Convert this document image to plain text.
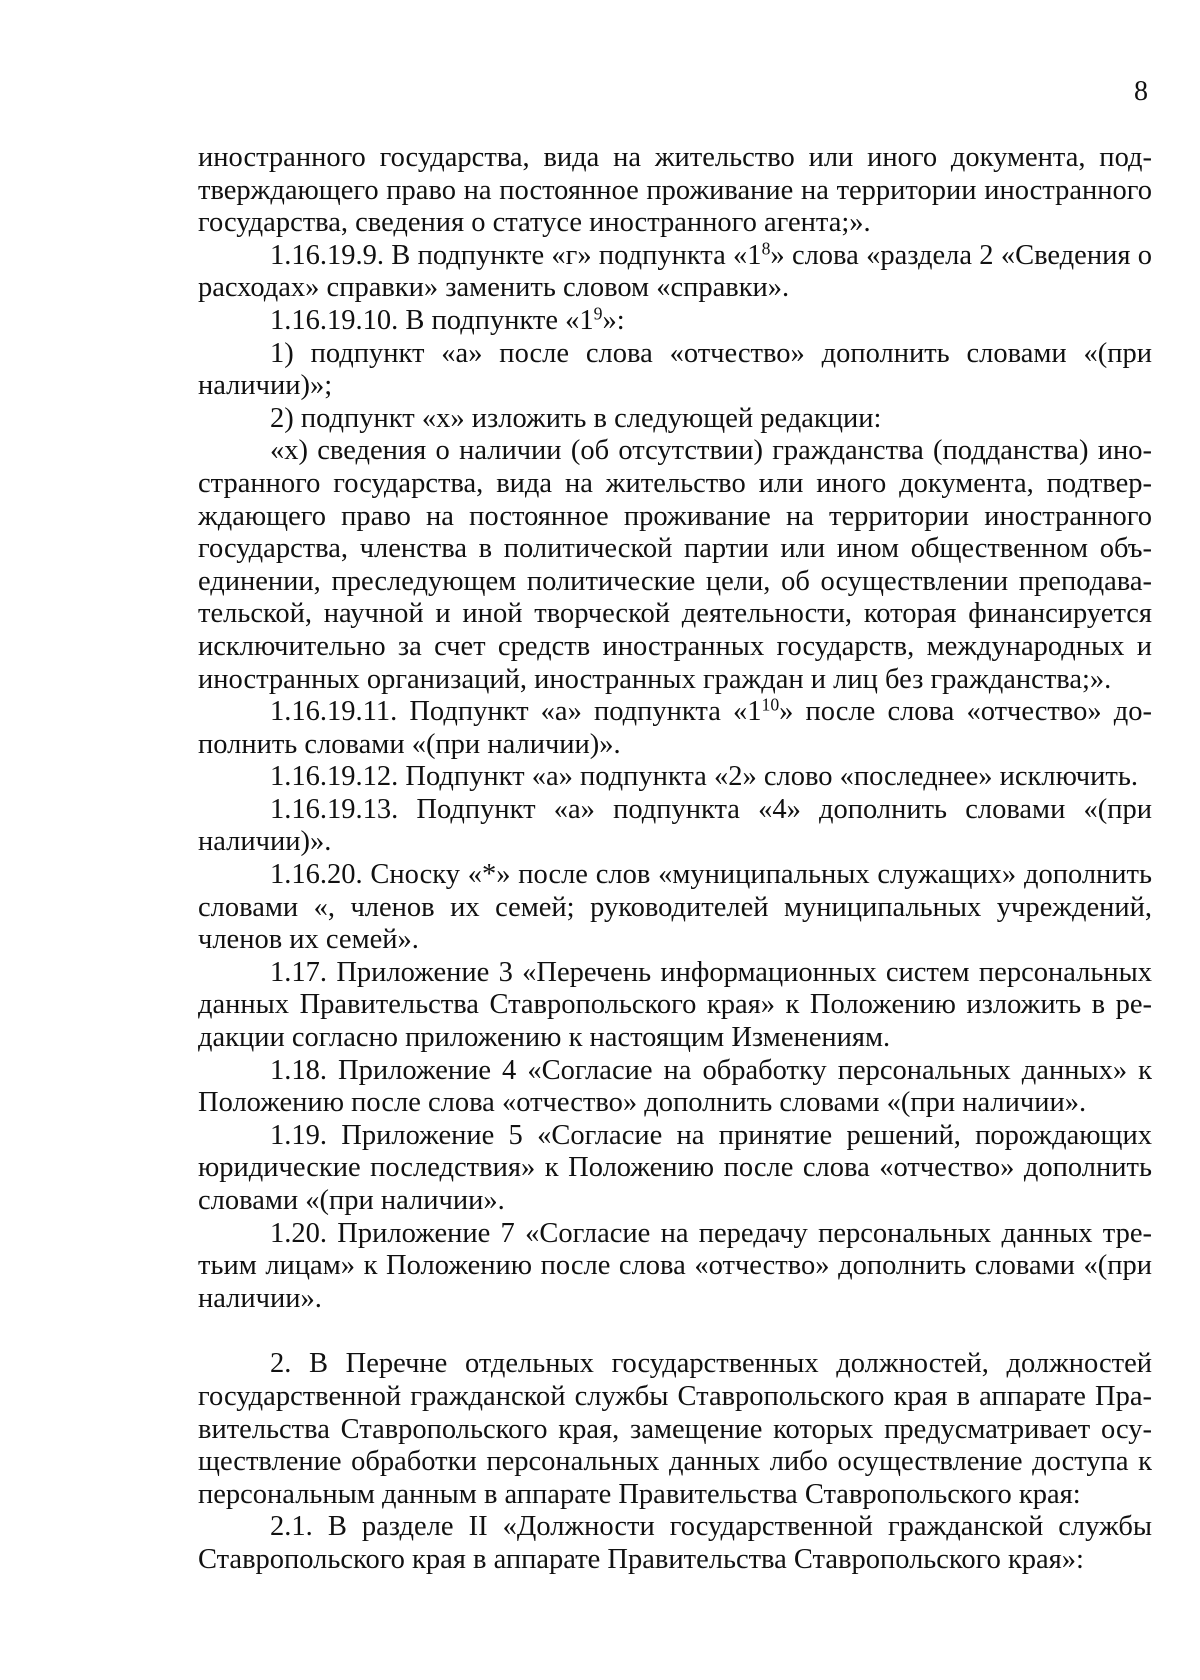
8

иностранного государства, вида на жительство или иного документа, подтверждающего право на постоянное проживание на территории иностранного государства, сведения о статусе иностранного агента;».

1.16.19.9. В подпункте «г» подпункта «$1^8$» слова «раздела 2 «Сведения о расходах» справки» заменить словом «справки».

1.16.19.10. В подпункте «$1^9$»:

1) подпункт «а» после слова «отчество» дополнить словами «(при наличии)»;

2) подпункт «х» изложить в следующей редакции:

«х) сведения о наличии (об отсутствии) гражданства (подданства) иностранного государства, вида на жительство или иного документа, подтверждающего право на постоянное проживание на территории иностранного государства, членства в политической партии или ином общественном объединении, преследующем политические цели, об осуществлении преподавательской, научной и иной творческой деятельности, которая финансируется исключительно за счет средств иностранных государств, международных и иностранных организаций, иностранных граждан и лиц без гражданства;».

1.16.19.11. Подпункт «а» подпункта «$1^{10}$» после слова «отчество» дополнить словами «(при наличии)».

1.16.19.12. Подпункт «а» подпункта «2» слово «последнее» исключить.

1.16.19.13. Подпункт «а» подпункта «4» дополнить словами «(при наличии)».

1.16.20. Сноску «*» после слов «муниципальных служащих» дополнить словами «, членов их семей; руководителей муниципальных учреждений, членов их семей».

1.17. Приложение 3 «Перечень информационных систем персональных данных Правительства Ставропольского края» к Положению изложить в редакции согласно приложению к настоящим Изменениям.

1.18. Приложение 4 «Согласие на обработку персональных данных» к Положению после слова «отчество» дополнить словами «(при наличии».

1.19. Приложение 5 «Согласие на принятие решений, порождающих юридические последствия» к Положению после слова «отчество» дополнить словами «(при наличии».

1.20. Приложение 7 «Согласие на передачу персональных данных третьим лицам» к Положению после слова «отчество» дополнить словами «(при наличии».

2. В Перечне отдельных государственных должностей, должностей государственной гражданской службы Ставропольского края в аппарате Правительства Ставропольского края, замещение которых предусматривает осуществление обработки персональных данных либо осуществление доступа к персональным данным в аппарате Правительства Ставропольского края:

2.1. В разделе II «Должности государственной гражданской службы Ставропольского края в аппарате Правительства Ставропольского края»:
